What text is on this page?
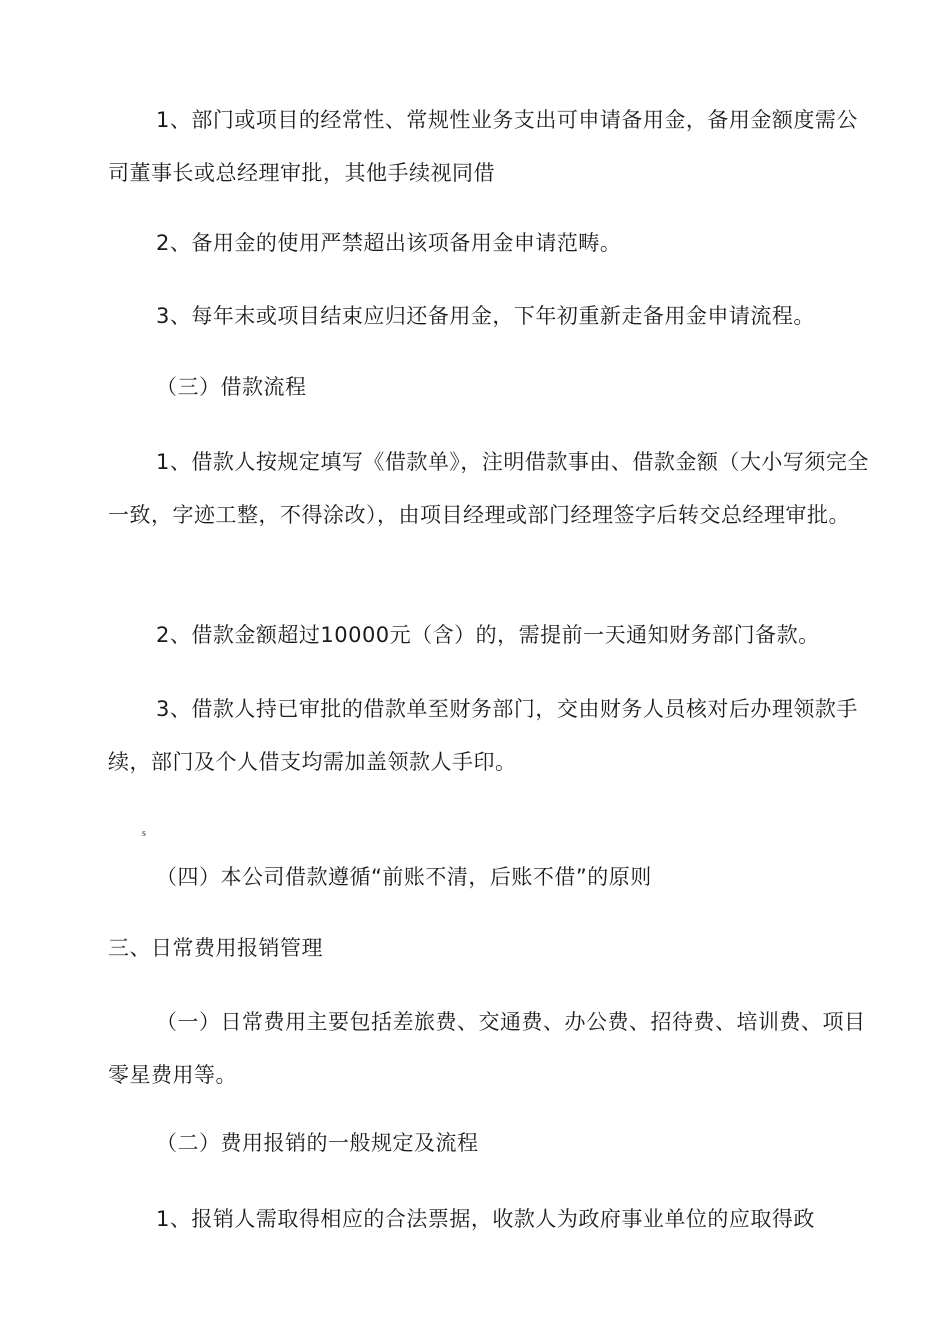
1、部门或项目的经常性、常规性业务支出可申请备用金，备用金额度需公司董事长或总经理审批，其他手续视同借

2、备用金的使用严禁超出该项备用金申请范畴。

3、每年末或项目结束应归还备用金，下年初重新走备用金申请流程。

（三）借款流程

1、借款人按规定填写《借款单》，注明借款事由、借款金额（大小写须完全一致，字迹工整，不得涂改），由项目经理或部门经理签字后转交总经理审批。

2、借款金额超过10000元（含）的，需提前一天通知财务部门备款。

3、借款人持已审批的借款单至财务部门，交由财务人员核对后办理领款手续，部门及个人借支均需加盖领款人手印。

s

（四）本公司借款遵循“前账不清，后账不借”的原则

三、日常费用报销管理

（一）日常费用主要包括差旅费、交通费、办公费、招待费、培训费、项目零星费用等。

（二）费用报销的一般规定及流程

1、报销人需取得相应的合法票据，收款人为政府事业单位的应取得政
